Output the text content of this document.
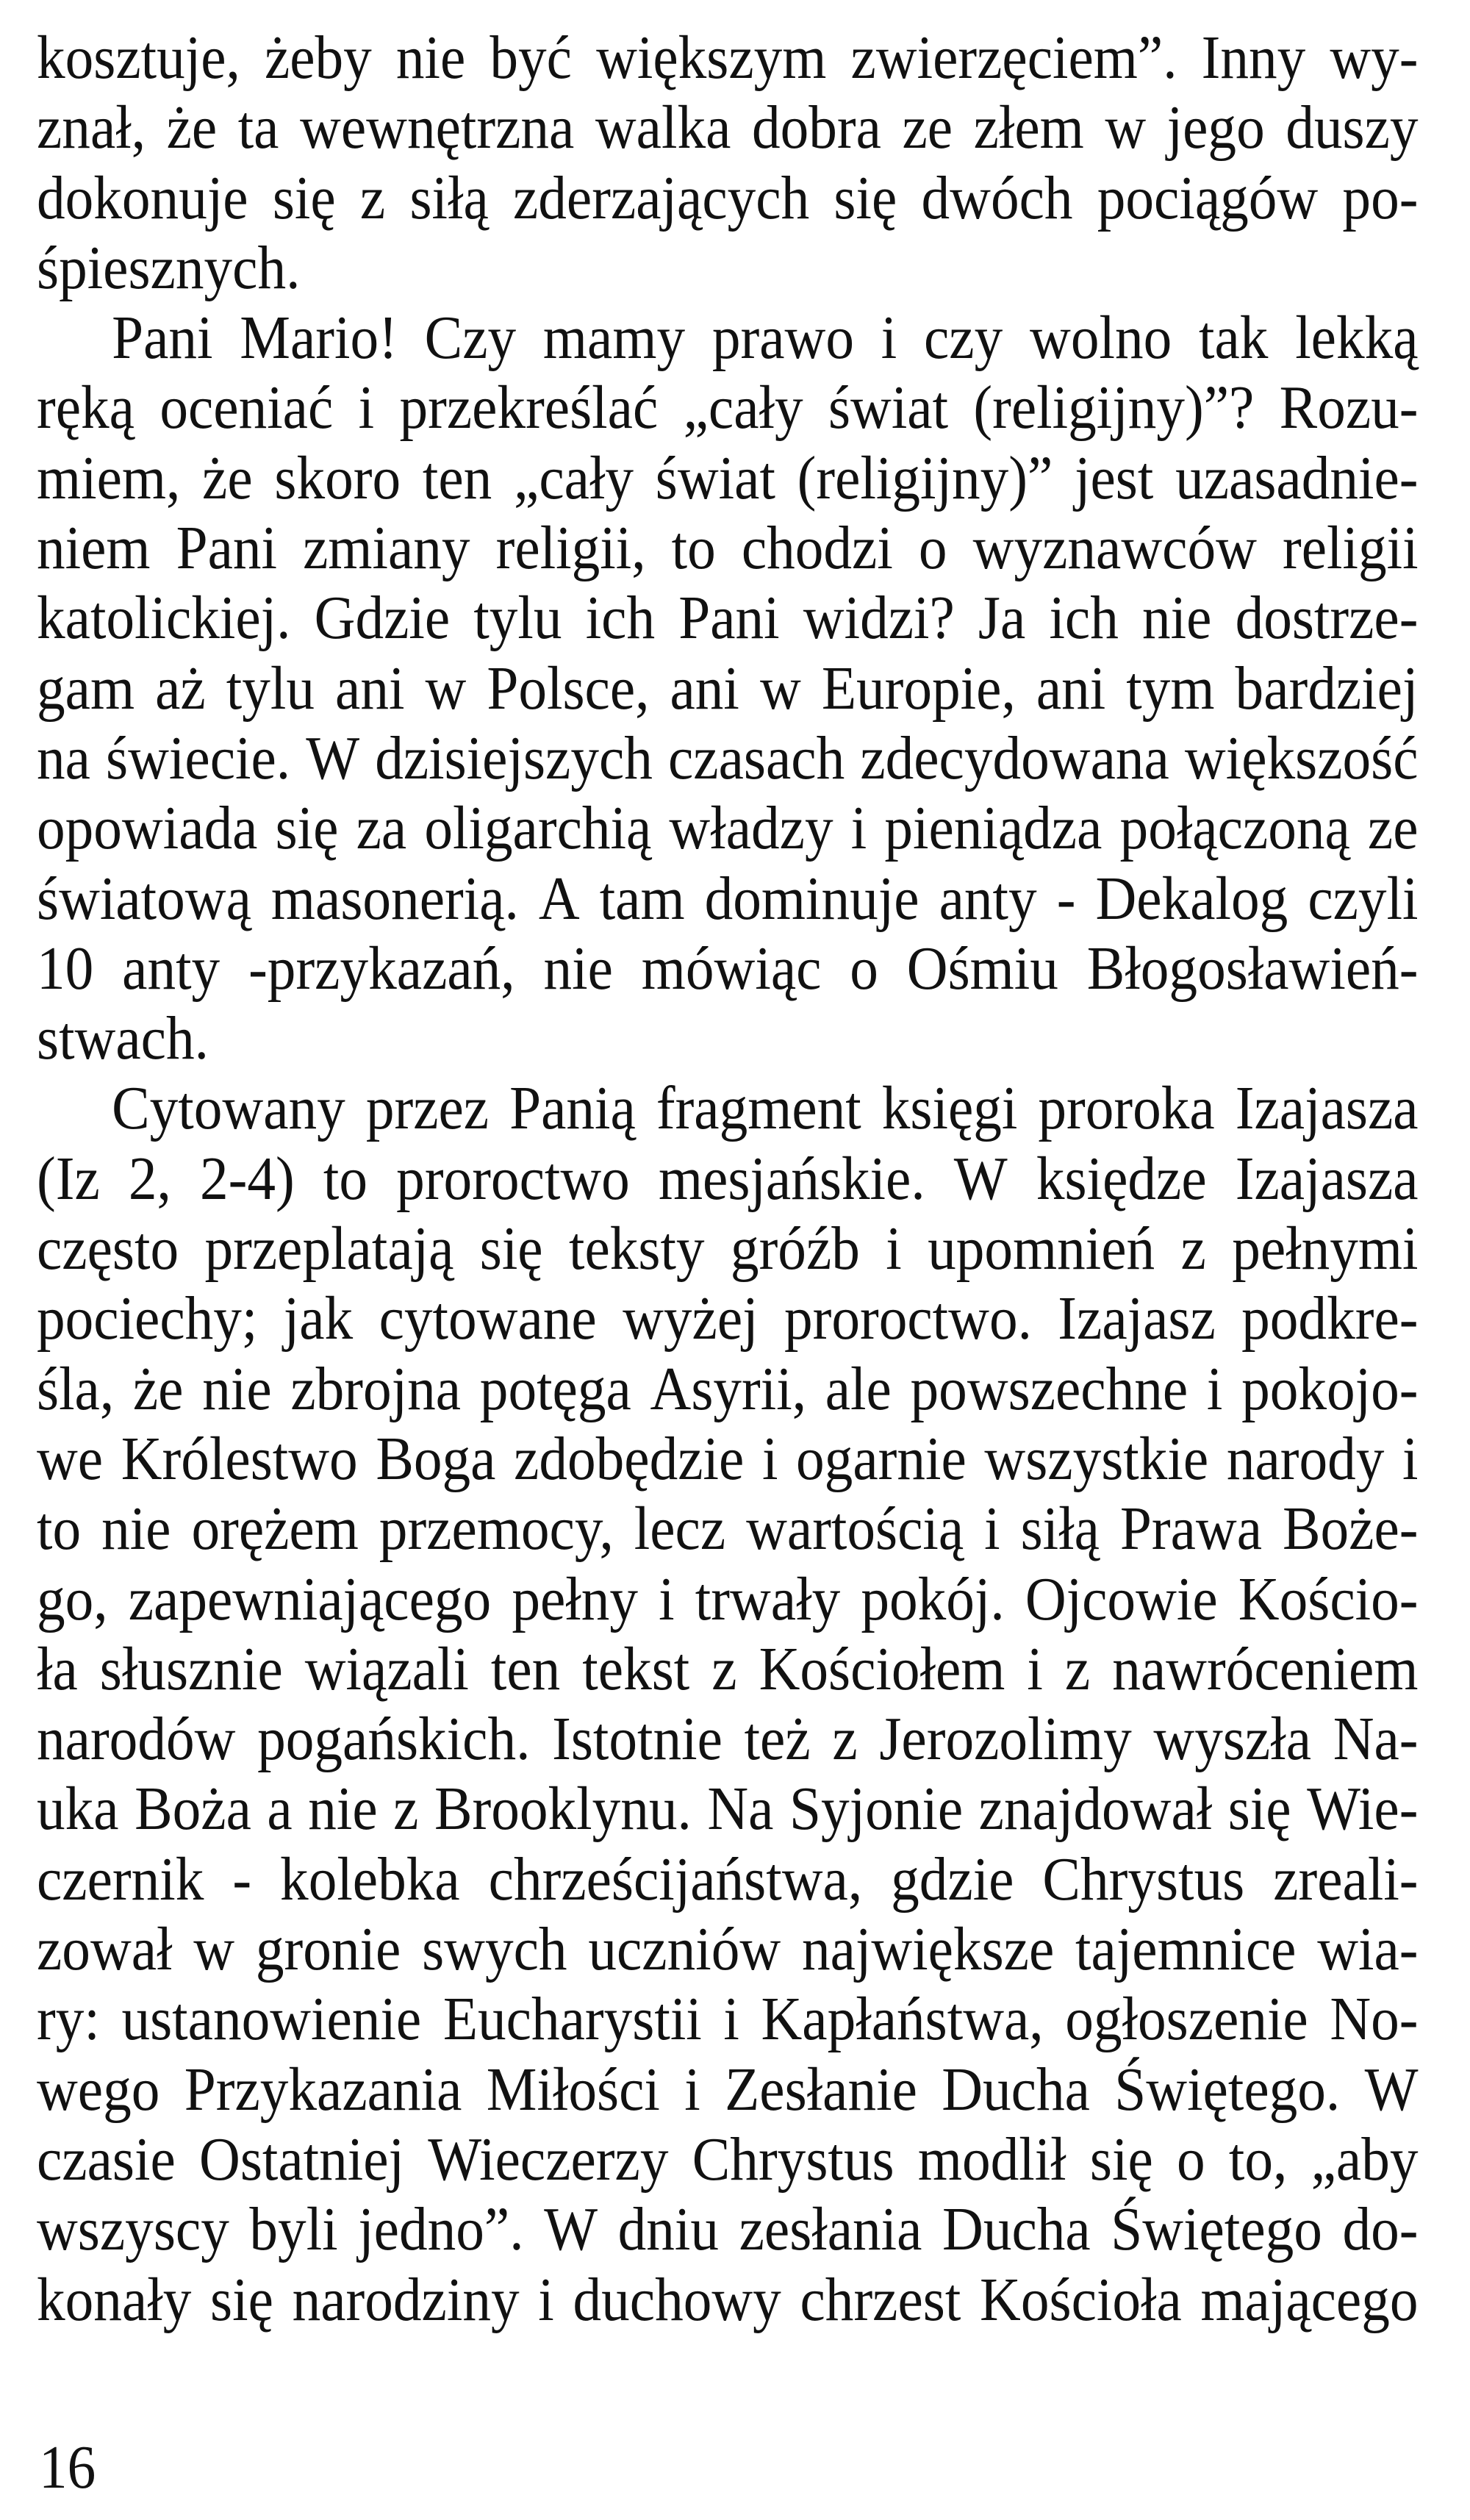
kosztuje, żeby nie być większym zwierzęciem”. Inny wy-
znał, że ta wewnętrzna walka dobra ze złem w jego duszy
dokonuje się z siłą zderzających się dwóch pociągów po-
śpiesznych.
Pani Mario! Czy mamy prawo i czy wolno tak lekką
ręką oceniać i przekreślać „cały świat (religijny)”? Rozu-
miem, że skoro ten „cały świat (religijny)” jest uzasadnie-
niem Pani zmiany religii, to chodzi o wyznawców religii
katolickiej. Gdzie tylu ich Pani widzi? Ja ich nie dostrze-
gam aż tylu ani w Polsce, ani w Europie, ani tym bardziej
na świecie. W dzisiejszych czasach zdecydowana większość
opowiada się za oligarchią władzy i pieniądza połączoną ze
światową masonerią. A tam dominuje anty - Dekalog czyli
10 anty -przykazań, nie mówiąc o Ośmiu Błogosławień-
stwach.
Cytowany przez Panią fragment księgi proroka Izajasza
(Iz 2, 2-4) to proroctwo mesjańskie. W księdze Izajasza
często przeplatają się teksty gróźb i upomnień z pełnymi
pociechy; jak cytowane wyżej proroctwo. Izajasz podkre-
śla, że nie zbrojna potęga Asyrii, ale powszechne i pokojo-
we Królestwo Boga zdobędzie i ogarnie wszystkie narody i
to nie orężem przemocy, lecz wartością i siłą Prawa Boże-
go, zapewniającego pełny i trwały pokój. Ojcowie Kościo-
ła słusznie wiązali ten tekst z Kościołem i z nawróceniem
narodów pogańskich. Istotnie też z Jerozolimy wyszła Na-
uka Boża a nie z Brooklynu. Na Syjonie znajdował się Wie-
czernik - kolebka chrześcijaństwa, gdzie Chrystus zreali-
zował w gronie swych uczniów największe tajemnice wia-
ry: ustanowienie Eucharystii i Kapłaństwa, ogłoszenie No-
wego Przykazania Miłości i Zesłanie Ducha Świętego. W
czasie Ostatniej Wieczerzy Chrystus modlił się o to, „aby
wszyscy byli jedno”. W dniu zesłania Ducha Świętego do-
konały się narodziny i duchowy chrzest Kościoła mającego
16
